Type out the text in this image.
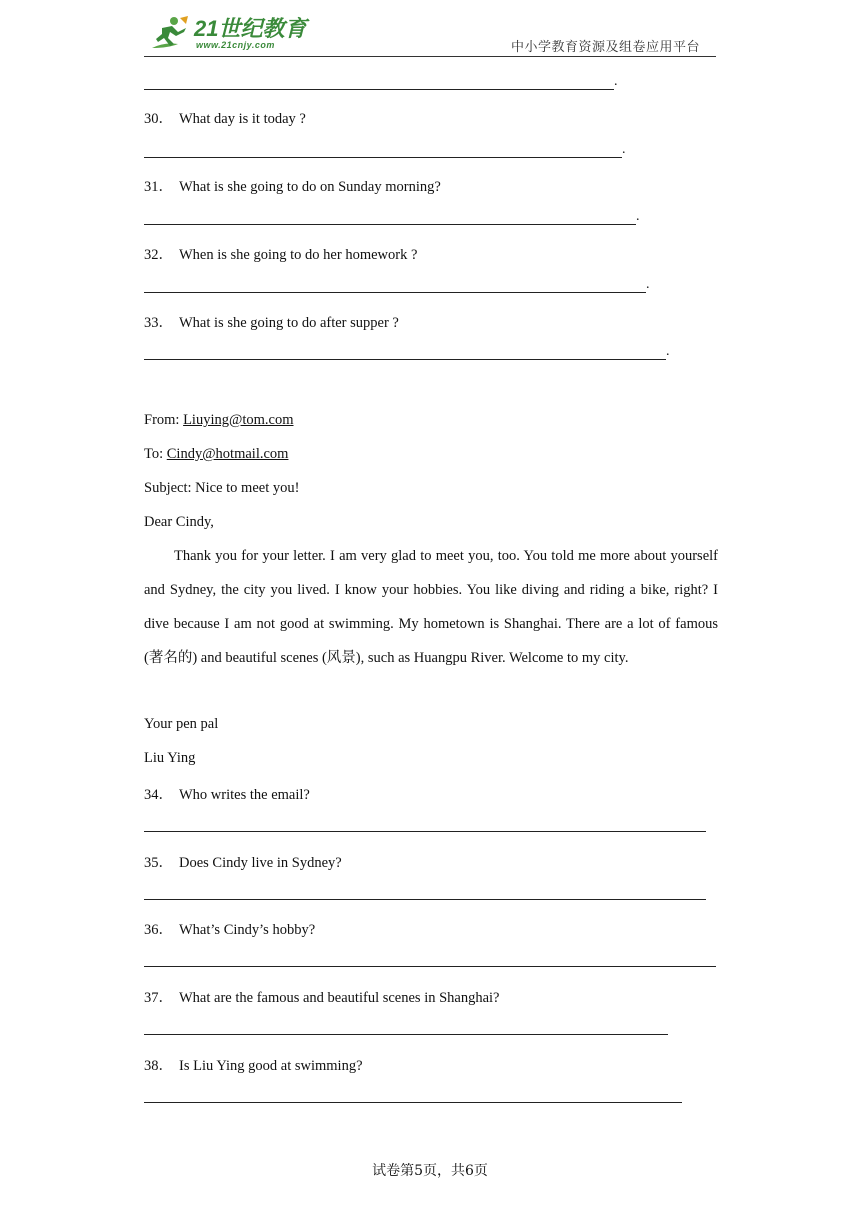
21世纪教育
www.21cnjy.com	中小学教育资源及组卷应用平台
.
30． What day is it today ?
.
31． What is she going to do on Sunday morning?
.
32． When is she going to do her homework ?
.
33． What is she going to do after supper ?
.
From: Liuying@tom.com
To: Cindy@hotmail.com
Subject: Nice to meet you!
Dear Cindy,
Thank you for your letter. I am very glad to meet you, too. You told me more about yourself and Sydney, the city you lived. I know your hobbies. You like diving and riding a bike, right? I dive because I am not good at swimming. My hometown is Shanghai. There are a lot of famous (著名的) and beautiful scenes (风景), such as Huangpu River. Welcome to my city.
Your pen pal
Liu Ying
34． Who writes the email?
35． Does Cindy live in Sydney?
36． What’s Cindy’s hobby?
37． What are the famous and beautiful scenes in Shanghai?
38． Is Liu Ying good at swimming?
试卷第5页，共6页
